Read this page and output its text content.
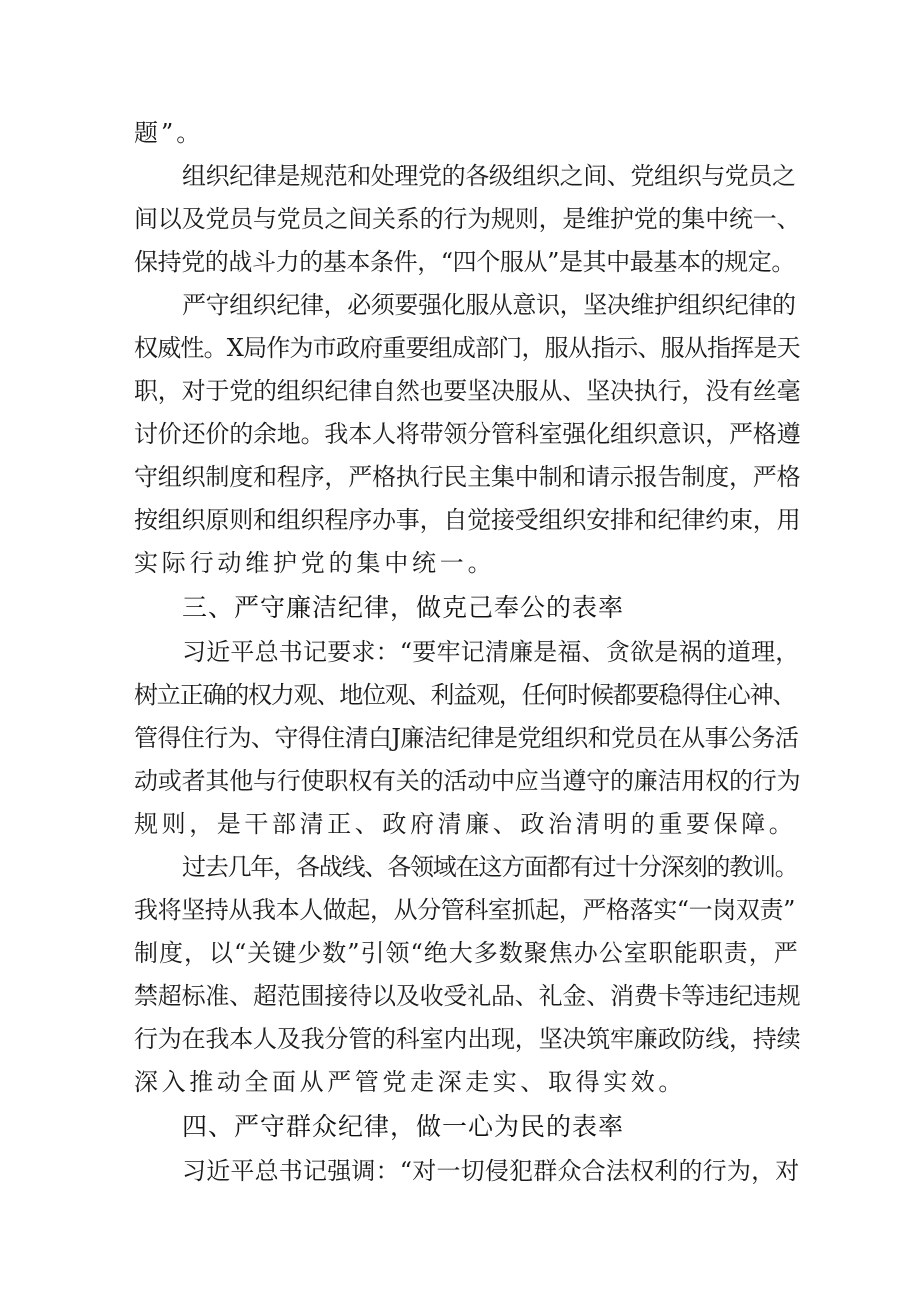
题”。
组织纪律是规范和处理党的各级组织之间、党组织与党员之
间以及党员与党员之间关系的行为规则，是维护党的集中统一、
保持党的战斗力的基本条件，“四个服从”是其中最基本的规定。
严守组织纪律，必须要强化服从意识，坚决维护组织纪律的
权威性。X局作为市政府重要组成部门，服从指示、服从指挥是天
职，对于党的组织纪律自然也要坚决服从、坚决执行，没有丝毫
讨价还价的余地。我本人将带领分管科室强化组织意识，严格遵
守组织制度和程序，严格执行民主集中制和请示报告制度，严格
按组织原则和组织程序办事，自觉接受组织安排和纪律约束，用
实际行动维护党的集中统一。
三、严守廉洁纪律，做克己奉公的表率
习近平总书记要求：“要牢记清廉是福、贪欲是祸的道理，
树立正确的权力观、地位观、利益观，任何时候都要稳得住心神、
管得住行为、守得住清白J廉洁纪律是党组织和党员在从事公务活
动或者其他与行使职权有关的活动中应当遵守的廉洁用权的行为
规则，是干部清正、政府清廉、政治清明的重要保障。
过去几年，各战线、各领域在这方面都有过十分深刻的教训。
我将坚持从我本人做起，从分管科室抓起，严格落实“一岗双责”
制度，以“关键少数”引领“绝大多数聚焦办公室职能职责，严
禁超标准、超范围接待以及收受礼品、礼金、消费卡等违纪违规
行为在我本人及我分管的科室内出现，坚决筑牢廉政防线，持续
深入推动全面从严管党走深走实、取得实效。
四、严守群众纪律，做一心为民的表率
习近平总书记强调：“对一切侵犯群众合法权利的行为，对
